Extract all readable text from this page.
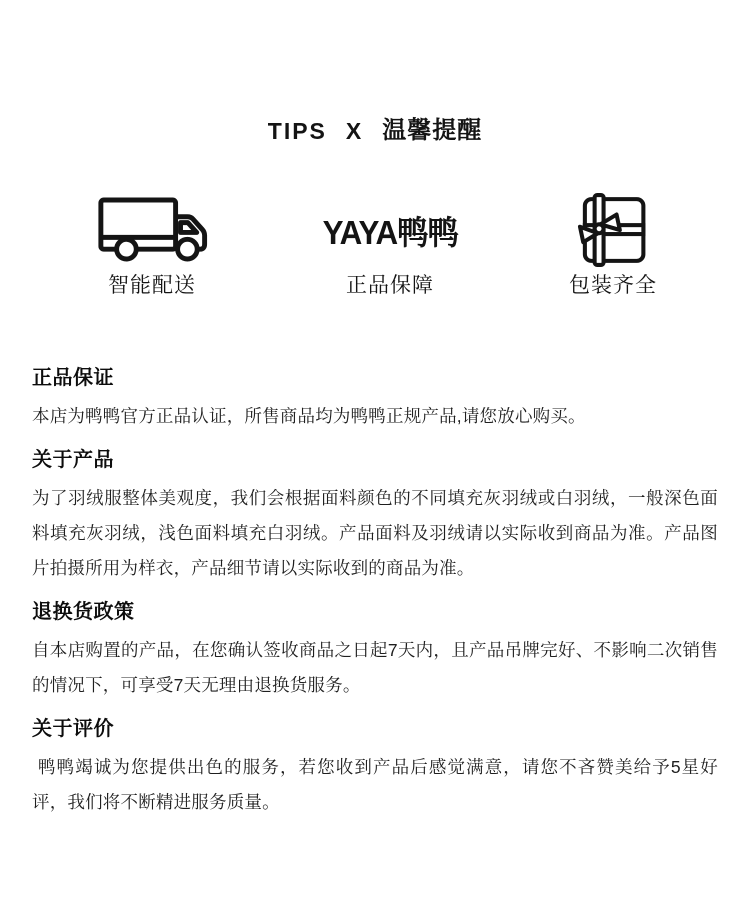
TIPS X 温馨提醒
智能配送
YAYA鸭鸭
正品保障	包装齐全
正品保证

本店为鸭鸭官方正品认证，所售商品均为鸭鸭正规产品,请您放心购买。

关于产品

为了羽绒服整体美观度，我们会根据面料颜色的不同填充灰羽绒或白羽绒，一般深色面料填充灰羽绒，浅色面料填充白羽绒。产品面料及羽绒请以实际收到商品为准。产品图片拍摄所用为样衣，产品细节请以实际收到的商品为准。

退换货政策

自本店购置的产品，在您确认签收商品之日起7天内，且产品吊牌完好、不影响二次销售的情况下，可享受7天无理由退换货服务。

关于评价

鸭鸭竭诚为您提供出色的服务，若您收到产品后感觉满意，请您不吝赞美给予5星好评，我们将不断精进服务质量。
